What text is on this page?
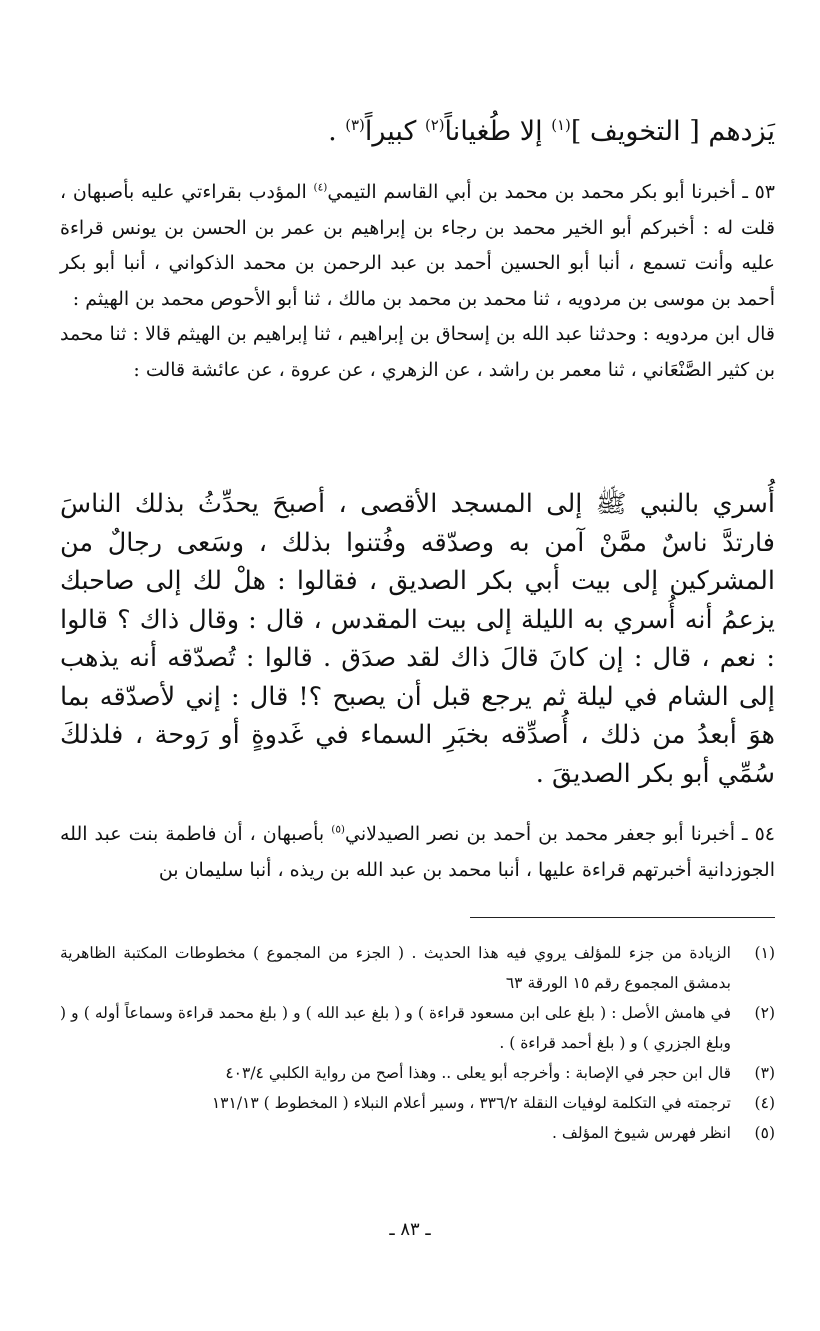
يَزدهم [ التخويف ]$^{(١)}$ إلا طُغياناً$^{(٢)}$ كبيراً$^{(٣)}$ .

٥٣ ـ أخبرنا أبو بكر محمد بن محمد بن أبي القاسم التيمي$^{(٤)}$ المؤدب بقراءتي عليه بأصبهان ، قلت له : أخبركم أبو الخير محمد بن رجاء بن إبراهيم بن عمر بن الحسن بن يونس قراءة عليه وأنت تسمع ، أنبا أبو الحسين أحمد بن عبد الرحمن بن محمد الذكواني ، أنبا أبو بكر أحمد بن موسى بن مردويه ، ثنا محمد بن محمد بن مالك ، ثنا أبو الأحوص محمد بن الهيثم :

قال ابن مردويه : وحدثنا عبد الله بن إسحاق بن إبراهيم ، ثنا إبراهيم بن الهيثم قالا : ثنا محمد بن كثير الصَّنْعَاني ، ثنا معمر بن راشد ، عن الزهري ، عن عروة ، عن عائشة قالت :

أُسري بالنبي ﷺ إلى المسجد الأقصى ، أصبحَ يحدِّثُ بذلك الناسَ فارتدَّ ناسٌ ممَّنْ آمن به وصدّقه وفُتنوا بذلك ، وسَعى رجالٌ من المشركين إلى بيت أبي بكر الصديق ، فقالوا : هلْ لك إلى صاحبك يزعمُ أنه أُسري به الليلة إلى بيت المقدس ، قال : وقال ذاك ؟ قالوا : نعم ، قال : إن كانَ قالَ ذاك لقد صدَق . قالوا : تُصدّقه أنه يذهب إلى الشام في ليلة ثم يرجع قبل أن يصبح ؟! قال : إني لأصدّقه بما هوَ أبعدُ من ذلك ، أُصدِّقه بخبَرِ السماء في غَدوةٍ أو رَوحة ، فلذلكَ سُمِّي أبو بكر الصديقَ .

٥٤ ـ أخبرنا أبو جعفر محمد بن أحمد بن نصر الصيدلاني$^{(٥)}$ بأصبهان ، أن فاطمة بنت عبد الله الجوزدانية أخبرتهم قراءة عليها ، أنبا محمد بن عبد الله بن ريذه ، أنبا سليمان بن

(١)
الزيادة من جزء للمؤلف يروي فيه هذا الحديث . ( الجزء من المجموع ) مخطوطات المكتبة الظاهرية بدمشق المجموع رقم ١٥ الورقة ٦٣
(٢)
في هامش الأصل : ( بلغ على ابن مسعود قراءة ) و ( بلغ عبد الله ) و ( بلغ محمد قراءة وسماعاً أوله ) و ( وبلغ الجزري ) و ( بلغ أحمد قراءة ) .
(٣)
قال ابن حجر في الإصابة : وأخرجه أبو يعلى .. وهذا أصح من رواية الكلبي ٤٠٣/٤
(٤)
ترجمته في التكلمة لوفيات النقلة ٣٣٦/٢ ، وسير أعلام النبلاء ( المخطوط ) ١٣١/١٣
(٥)
انظر فهرس شيوخ المؤلف .
ـ ٨٣ ـ
